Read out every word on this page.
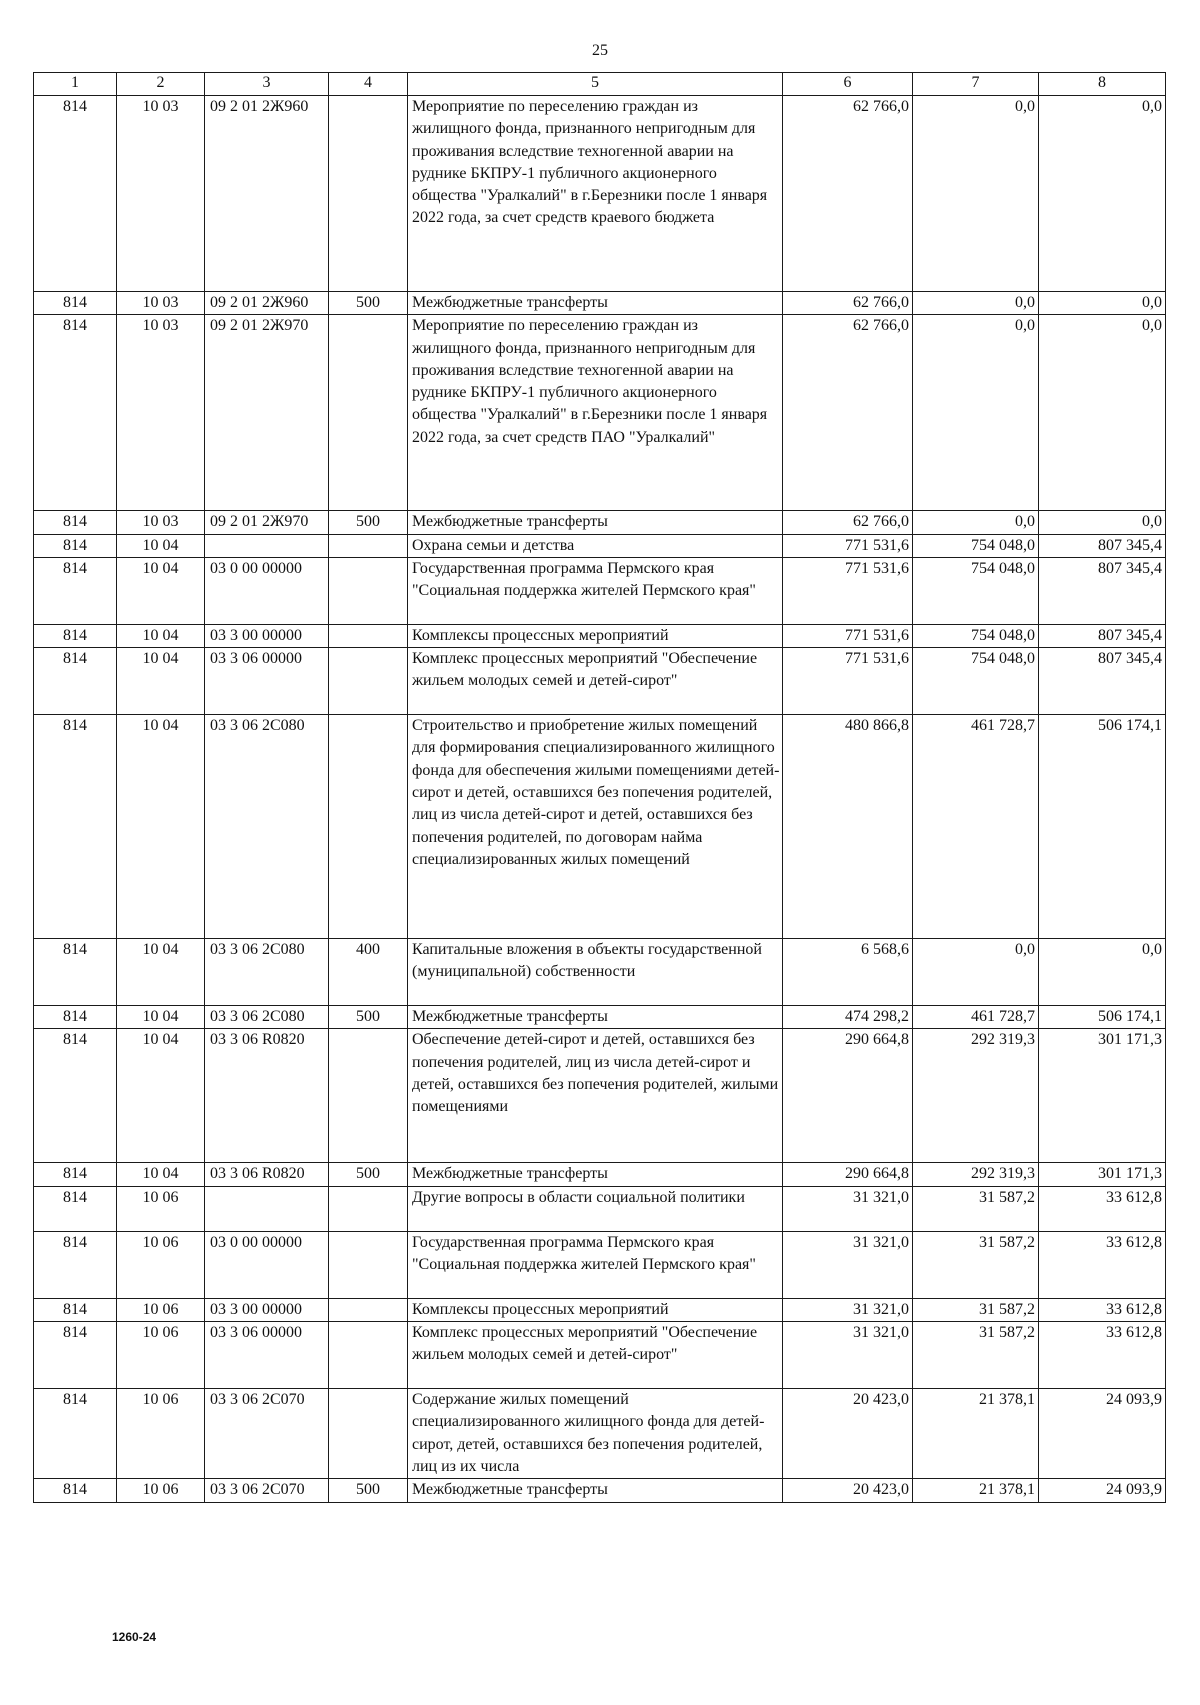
25
1	2	3	4	5	6	7	8
814	10 03	09 2 01 2Ж960		Мероприятие по переселению граждан из жилищного фонда, признанного непригодным для проживания вследствие техногенной аварии на руднике БКПРУ-1 публичного акционерного общества "Уралкалий" в г.Березники после 1 января 2022 года, за счет средств краевого бюджета	62 766,0	0,0	0,0
814	10 03	09 2 01 2Ж960	500	Межбюджетные трансферты	62 766,0	0,0	0,0
814	10 03	09 2 01 2Ж970		Мероприятие по переселению граждан из жилищного фонда, признанного непригодным для проживания вследствие техногенной аварии на руднике БКПРУ-1 публичного акционерного общества "Уралкалий" в г.Березники после 1 января 2022 года, за счет средств ПАО "Уралкалий"	62 766,0	0,0	0,0
814	10 03	09 2 01 2Ж970	500	Межбюджетные трансферты	62 766,0	0,0	0,0
814	10 04			Охрана семьи и детства	771 531,6	754 048,0	807 345,4
814	10 04	03 0 00 00000		Государственная программа Пермского края "Социальная поддержка жителей Пермского края"	771 531,6	754 048,0	807 345,4
814	10 04	03 3 00 00000		Комплексы процессных мероприятий	771 531,6	754 048,0	807 345,4
814	10 04	03 3 06 00000		Комплекс процессных мероприятий "Обеспечение жильем молодых семей и детей-сирот"	771 531,6	754 048,0	807 345,4
814	10 04	03 3 06 2С080		Строительство и приобретение жилых помещений для формирования специализированного жилищного фонда для обеспечения жилыми помещениями детей-сирот и детей, оставшихся без попечения родителей, лиц из числа детей-сирот и детей, оставшихся без попечения родителей, по договорам найма специализированных жилых помещений	480 866,8	461 728,7	506 174,1
814	10 04	03 3 06 2С080	400	Капитальные вложения в объекты государственной (муниципальной) собственности	6 568,6	0,0	0,0
814	10 04	03 3 06 2С080	500	Межбюджетные трансферты	474 298,2	461 728,7	506 174,1
814	10 04	03 3 06 R0820		Обеспечение детей-сирот и детей, оставшихся без попечения родителей, лиц из числа детей-сирот и детей, оставшихся без попечения родителей, жилыми помещениями	290 664,8	292 319,3	301 171,3
814	10 04	03 3 06 R0820	500	Межбюджетные трансферты	290 664,8	292 319,3	301 171,3
814	10 06			Другие вопросы в области социальной политики	31 321,0	31 587,2	33 612,8
814	10 06	03 0 00 00000		Государственная программа Пермского края "Социальная поддержка жителей Пермского края"	31 321,0	31 587,2	33 612,8
814	10 06	03 3 00 00000		Комплексы процессных мероприятий	31 321,0	31 587,2	33 612,8
814	10 06	03 3 06 00000		Комплекс процессных мероприятий "Обеспечение жильем молодых семей и детей-сирот"	31 321,0	31 587,2	33 612,8
814	10 06	03 3 06 2С070		Содержание жилых помещений специализированного жилищного фонда для детей-сирот, детей, оставшихся без попечения родителей, лиц из их числа	20 423,0	21 378,1	24 093,9
814	10 06	03 3 06 2С070	500	Межбюджетные трансферты	20 423,0	21 378,1	24 093,9
1260-24
